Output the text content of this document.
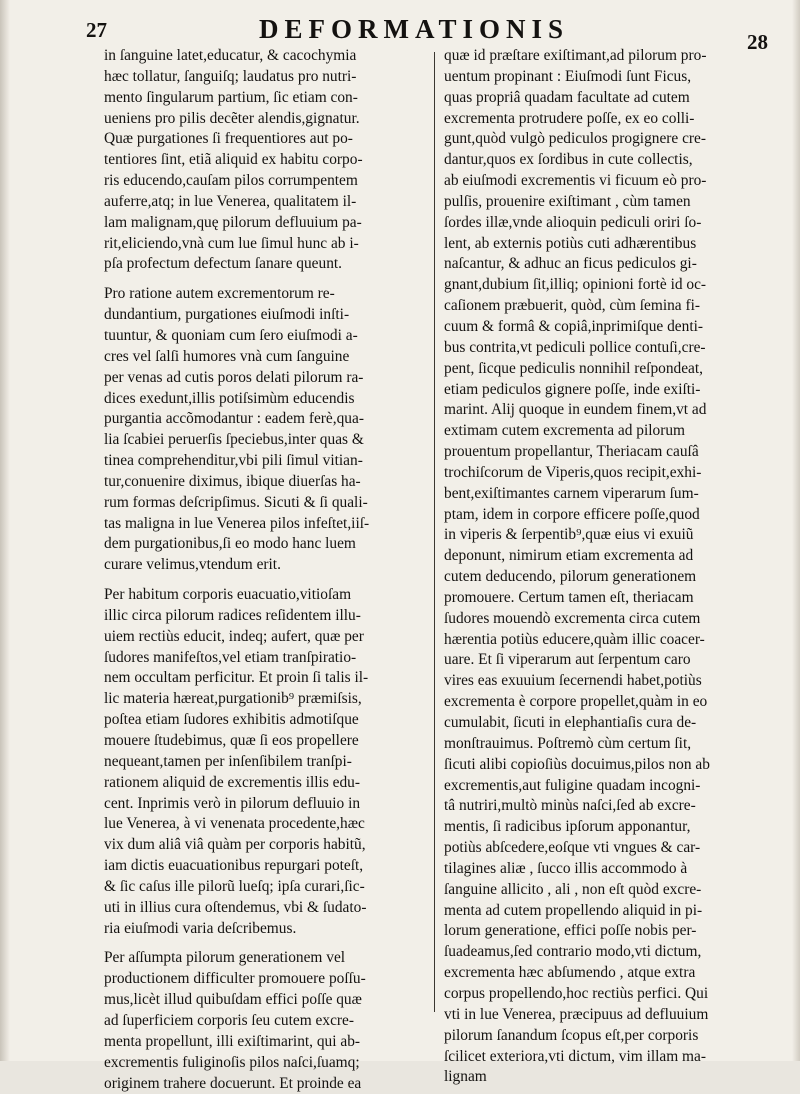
27	DEFORMATIONIS	28
in ſanguine latet,educatur, & cacochymia
hæc tollatur, ſanguiſq; laudatus pro nutri-
mento ſingularum partium, ſic etiam con-
ueniens pro pilis decẽter alendis,gignatur.
Quæ purgationes ſi frequentiores aut po-
tentiores ſint, etiã aliquid ex habitu corpo-
ris educendo,cauſam pilos corrumpentem
auferre,atq; in lue Venerea, qualitatem il-
lam malignam,quę pilorum defluuium pa-
rit,eliciendo,vnà cum lue ſimul hunc ab i-
pſa profectum defectum ſanare queunt.
Pro ratione autem excrementorum re-
dundantium, purgationes eiuſmodi inſti-
tuuntur, & quoniam cum ſero eiuſmodi a-
cres vel ſalſi humores vnà cum ſanguine
per venas ad cutis poros delati pilorum ra-
dices exedunt,illis potiſsimùm educendis
purgantia accõmodantur : eadem ferè,qua-
lia ſcabiei peruerſis ſpeciebus,inter quas &
tinea comprehenditur,vbi pili ſimul vitian-
tur,conuenire diximus, ibique diuerſas ha-
rum formas deſcripſimus. Sicuti & ſi quali-
tas maligna in lue Venerea pilos infeſtet,iiſ-
dem purgationibus,ſi eo modo hanc luem
curare velimus,vtendum erit.
Per habitum corporis euacuatio,vitioſam
illic circa pilorum radices reſidentem illu-
uiem rectiùs educit, indeq; aufert, quæ per
ſudores manifeſtos,vel etiam tranſpiratio-
nem occultam perficitur. Et proin ſi talis il-
lic materia hæreat,purgationib⁹ præmiſsis,
poſtea etiam ſudores exhibitis admotiſque
mouere ſtudebimus, quæ ſi eos propellere
nequeant,tamen per inſenſibilem tranſpi-
rationem aliquid de excrementis illis edu-
cent. Inprimis verò in pilorum defluuio in
lue Venerea, à vi venenata procedente,hæc
vix dum aliâ viâ quàm per corporis habitũ,
iam dictis euacuationibus repurgari poteſt,
& ſic caſus ille pilorũ lueſq; ipſa curari,ſic-
uti in illius cura oſtendemus, vbi & ſudato-
ria eiuſmodi varia deſcribemus.
Per aſſumpta pilorum generationem vel
productionem difficulter promouere poſſu-
mus,licèt illud quibuſdam effici poſſe quæ
ad ſuperficiem corporis ſeu cutem excre-
menta propellunt, illi exiſtimarint, qui ab-
excrementis fuliginoſis pilos naſci,ſuamq;
originem trahere docuerunt. Et proinde ea
quæ id præſtare exiſtimant,ad pilorum pro-
uentum propinant : Eiuſmodi ſunt Ficus,
quas propriâ quadam facultate ad cutem
excrementa protrudere poſſe, ex eo colli-
gunt,quòd vulgò pediculos progignere cre-
dantur,quos ex ſordibus in cute collectis,
ab eiuſmodi excrementis vi ficuum eò pro-
pulſis, prouenire exiſtimant , cùm tamen
ſordes illæ,vnde alioquin pediculi oriri ſo-
lent, ab externis potiùs cuti adhærentibus
naſcantur, & adhuc an ficus pediculos gi-
gnant,dubium ſit,illiq; opinioni fortè id oc-
caſionem præbuerit, quòd, cùm ſemina fi-
cuum & formâ & copiâ,inprimiſque denti-
bus contrita,vt pediculi pollice contuſi,cre-
pent, ſicque pediculis nonnihil reſpondeat,
etiam pediculos gignere poſſe, inde exiſti-
marint. Alij quoque in eundem finem,vt ad
extimam cutem excrementa ad pilorum
prouentum propellantur, Theriacam cauſâ
trochiſcorum de Viperis,quos recipit,exhi-
bent,exiſtimantes carnem viperarum ſum-
ptam, idem in corpore efficere poſſe,quod
in viperis & ſerpentib⁹,quæ eius vi exuiũ
deponunt, nimirum etiam excrementa ad
cutem deducendo, pilorum generationem
promouere. Certum tamen eſt, theriacam
ſudores mouendò excrementa circa cutem
hærentia potiùs educere,quàm illic coacer-
uare. Et ſi viperarum aut ſerpentum caro
vires eas exuuium ſecernendi habet,potiùs
excrementa è corpore propellet,quàm in eo
cumulabit, ſicuti in elephantiaſis cura de-
monſtrauimus. Poſtremò cùm certum ſit,
ſicuti alibi copioſiùs docuimus,pilos non ab
excrementis,aut fuligine quadam incogni-
tâ nutriri,multò minùs naſci,ſed ab excre-
mentis, ſi radicibus ipſorum apponantur,
potiùs abſcedere,eoſque vti vngues & car-
tilagines aliæ , ſucco illis accommodo à
ſanguine allicito , ali , non eſt quòd excre-
menta ad cutem propellendo aliquid in pi-
lorum generatione, effici poſſe nobis per-
ſuadeamus,ſed contrario modo,vti dictum,
excrementa hæc abſumendo , atque extra
corpus propellendo,hoc rectiùs perfici. Qui
vti in lue Venerea, præcipuus ad defluuium
pilorum ſanandum ſcopus eſt,per corporis
ſcilicet exteriora,vti dictum, vim illam ma-
lignam
